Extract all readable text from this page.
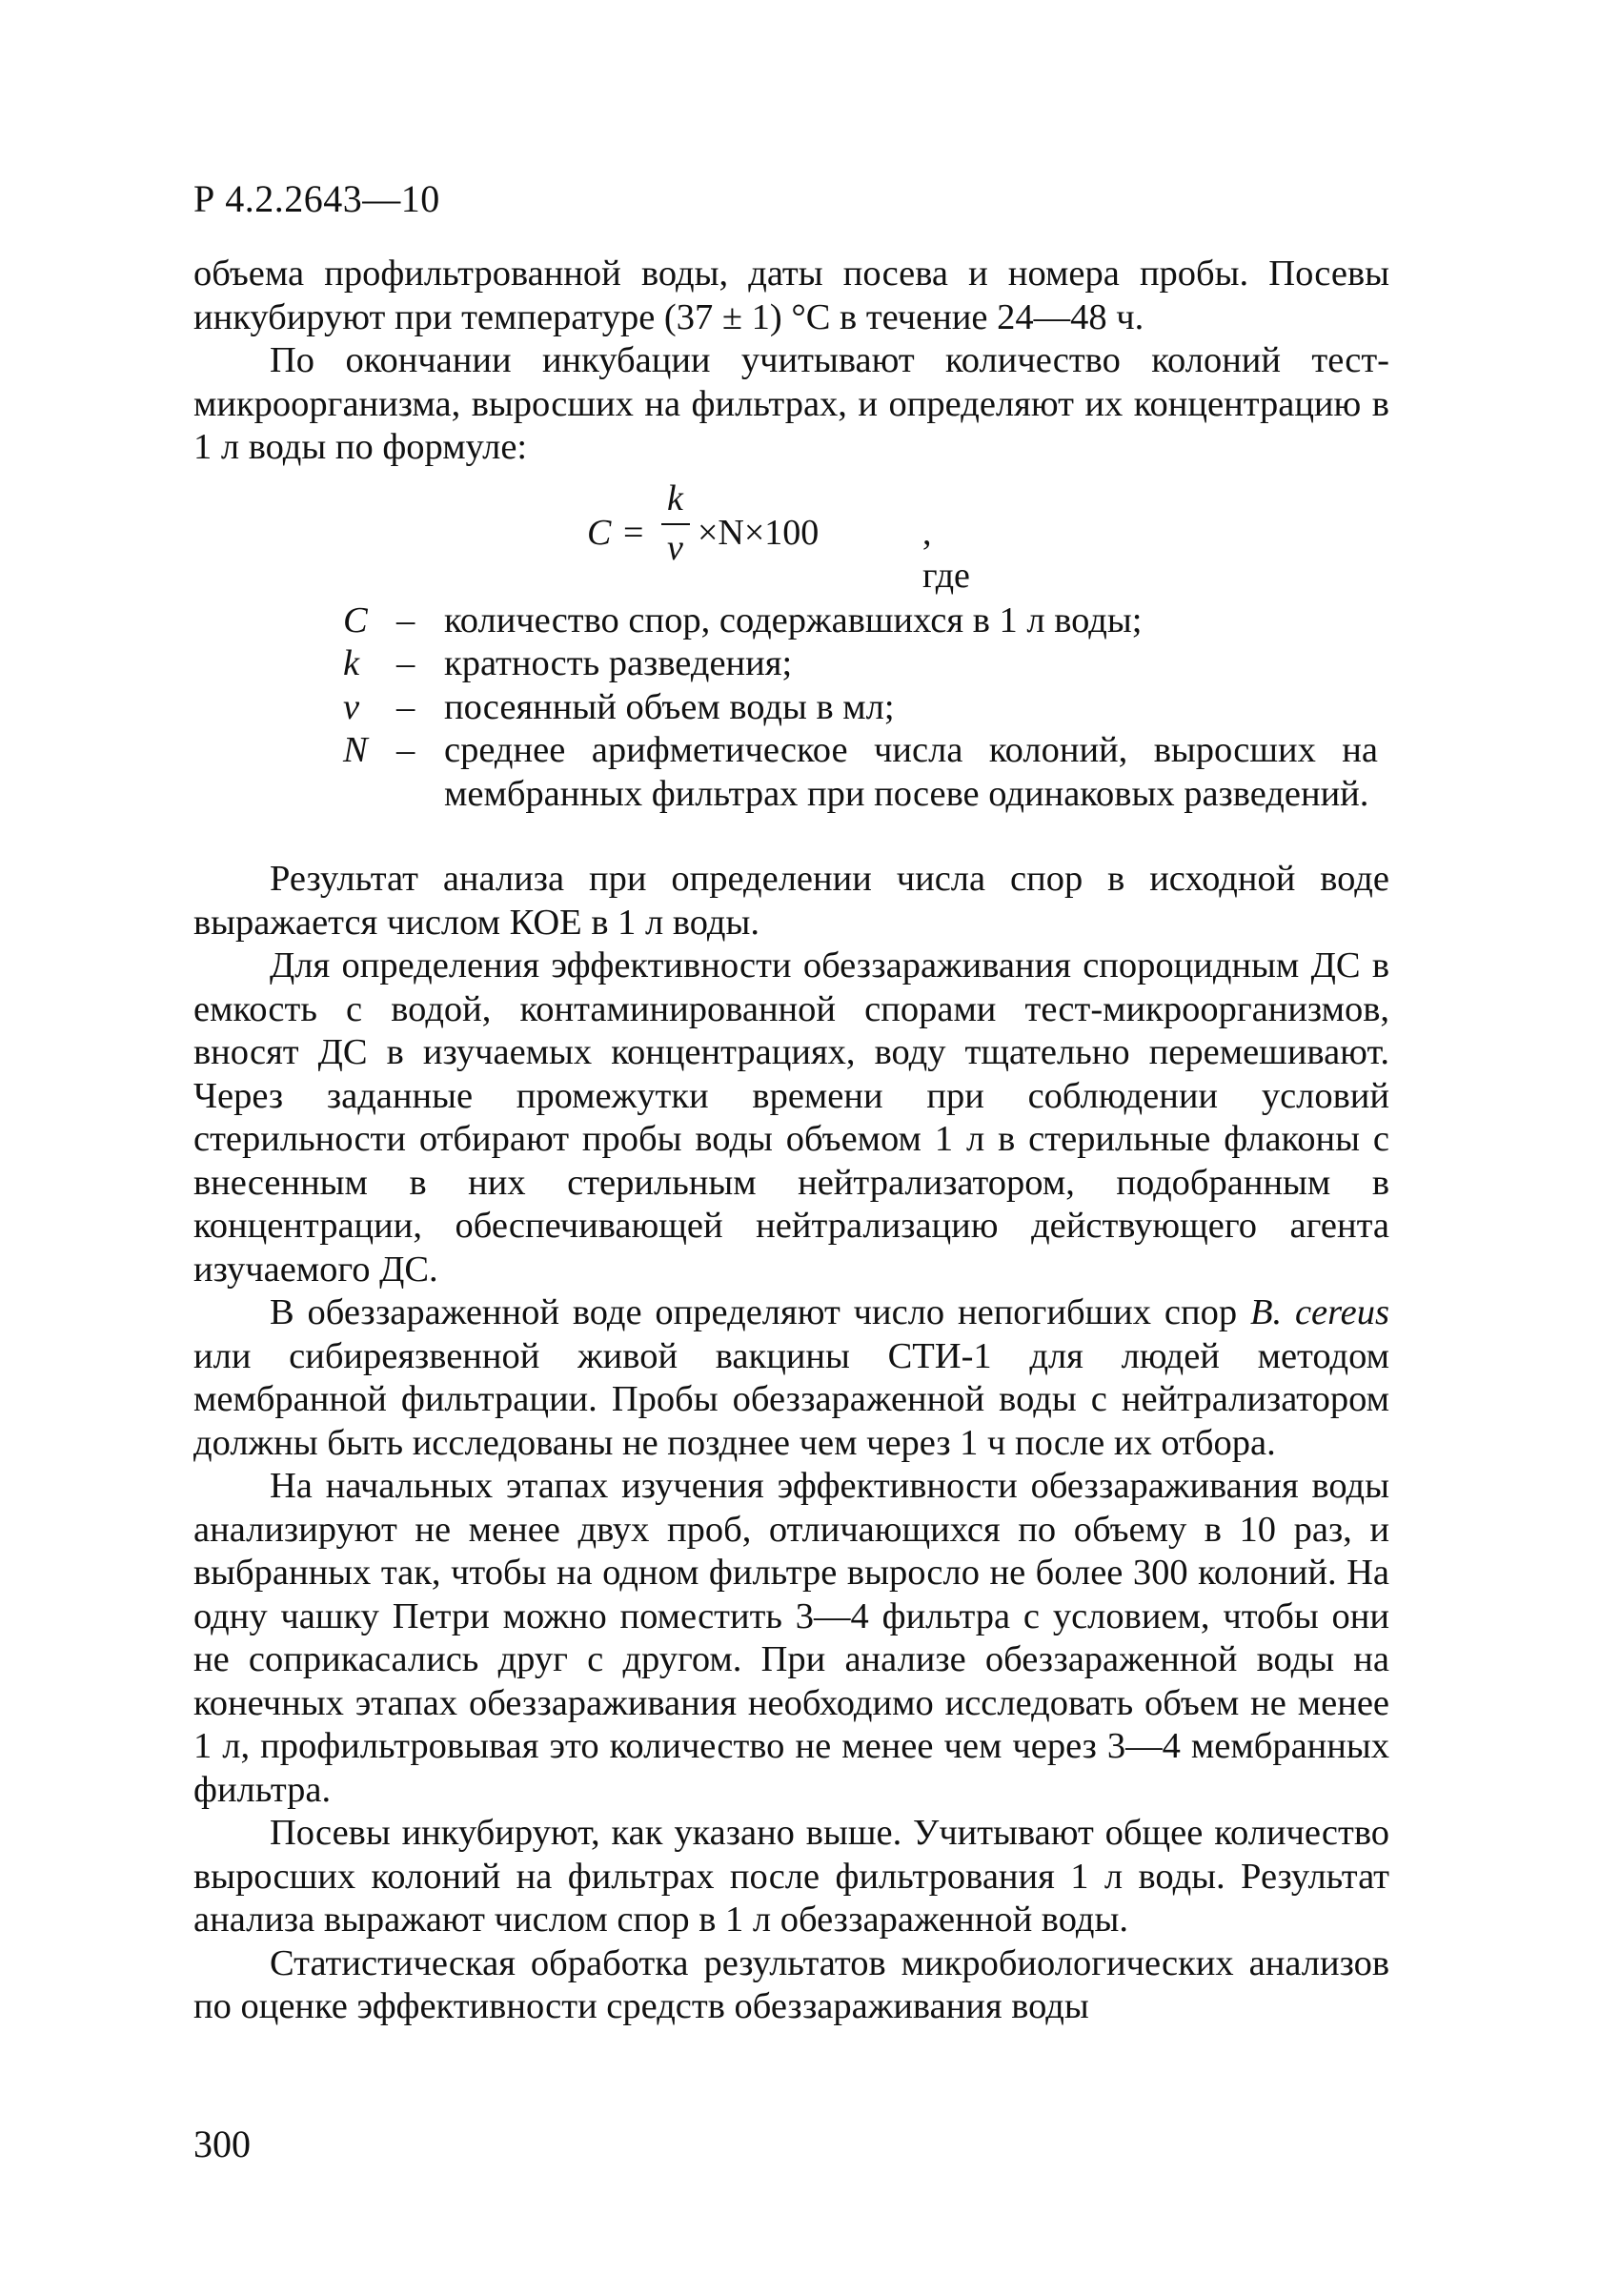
Р 4.2.2643—10

объема профильтрованной воды, даты посева и номера пробы. Посевы инкубируют при температуре (37 ± 1) °С в течение 24—48 ч.

По окончании инкубации учитывают количество колоний тест-микроорганизма, выросших на фильтрах, и определяют их концентрацию в 1 л воды по формуле:

$C = \frac{k}{v} \times N\times 100$	, где
C – количество спор, содержавшихся в 1 л воды;
k	– кратность разведения;
v	– посеянный объем воды в мл;
N – среднее арифметическое числа колоний, выросших на мембранных фильтрах при посеве одинаковых разведений.

Результат анализа при определении числа спор в исходной воде выражается числом КОЕ в 1 л воды.

Для определения эффективности обеззараживания спороцидным ДС в емкость с водой, контаминированной спорами тест-микроорганизмов, вносят ДС в изучаемых концентрациях, воду тщательно перемешивают. Через заданные промежутки времени при соблюдении условий стерильности отбирают пробы воды объемом 1 л в стерильные флаконы с внесенным в них стерильным нейтрализатором, подобранным в концентрации, обеспечивающей нейтрализацию действующего агента изучаемого ДС.

В обеззараженной воде определяют число непогибших спор B. cereus или сибиреязвенной живой вакцины СТИ-1 для людей методом мембранной фильтрации. Пробы обеззараженной воды с нейтрализатором должны быть исследованы не позднее чем через 1 ч после их отбора.

На начальных этапах изучения эффективности обеззараживания воды анализируют не менее двух проб, отличающихся по объему в 10 раз, и выбранных так, чтобы на одном фильтре выросло не более 300 колоний. На одну чашку Петри можно поместить 3—4 фильтра с условием, чтобы они не соприкасались друг с другом. При анализе обеззараженной воды на конечных этапах обеззараживания необходимо исследовать объем не менее 1 л, профильтровывая это количество не менее чем через 3—4 мембранных фильтра.

Посевы инкубируют, как указано выше. Учитывают общее количество выросших колоний на фильтрах после фильтрования 1 л воды. Результат анализа выражают числом спор в 1 л обеззараженной воды.

Статистическая обработка результатов микробиологических анализов по оценке эффективности средств обеззараживания воды

300
